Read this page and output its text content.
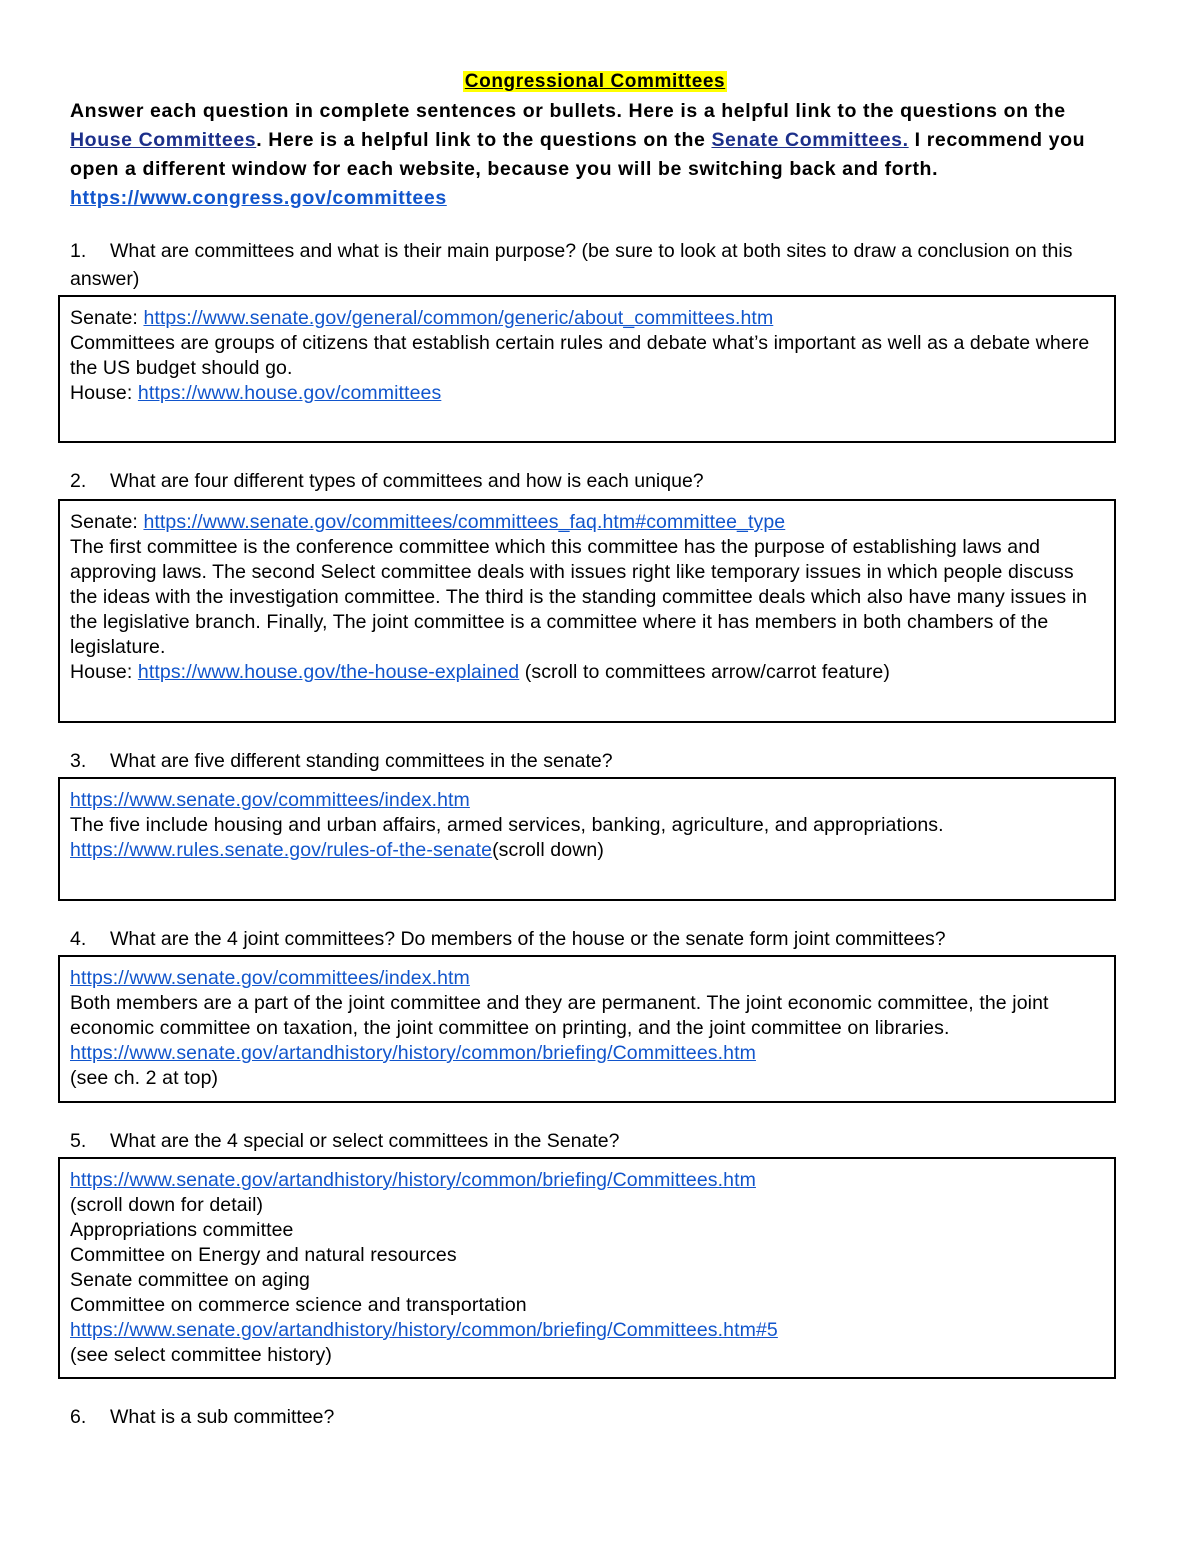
Congressional Committees
Answer each question in complete sentences or bullets. Here is a helpful link to the questions on the House Committees. Here is a helpful link to the questions on the Senate Committees. I recommend you open a different window for each website, because you will be switching back and forth.
https://www.congress.gov/committees
1. What are committees and what is their main purpose? (be sure to look at both sites to draw a conclusion on this answer)
Senate: https://www.senate.gov/general/common/generic/about_committees.htm
Committees are groups of citizens that establish certain rules and debate what’s important as well as a debate where the US budget should go.
House: https://www.house.gov/committees
2. What are four different types of committees and how is each unique?
Senate: https://www.senate.gov/committees/committees_faq.htm#committee_type
The first committee is the conference committee which this committee has the purpose of establishing laws and approving laws. The second Select committee deals with issues right like temporary issues in which people discuss the ideas with the investigation committee. The third is the standing committee deals which also have many issues in the legislative branch. Finally, The joint committee is a committee where it has members in both chambers of the legislature.
House: https://www.house.gov/the-house-explained (scroll to committees arrow/carrot feature)
3. What are five different standing committees in the senate?
https://www.senate.gov/committees/index.htm
The five include housing and urban affairs, armed services, banking, agriculture, and appropriations.
https://www.rules.senate.gov/rules-of-the-senate(scroll down)
4. What are the 4 joint committees? Do members of the house or the senate form joint committees?
https://www.senate.gov/committees/index.htm
Both members are a part of the joint committee and they are permanent. The joint economic committee, the joint economic committee on taxation, the joint committee on printing, and the joint committee on libraries.
https://www.senate.gov/artandhistory/history/common/briefing/Committees.htm
(see ch. 2 at top)
5. What are the 4 special or select committees in the Senate?
https://www.senate.gov/artandhistory/history/common/briefing/Committees.htm
(scroll down for detail)
Appropriations committee
Committee on Energy and natural resources
Senate committee on aging
Committee on commerce science and transportation
https://www.senate.gov/artandhistory/history/common/briefing/Committees.htm#5
(see select committee history)
6. What is a sub committee?
